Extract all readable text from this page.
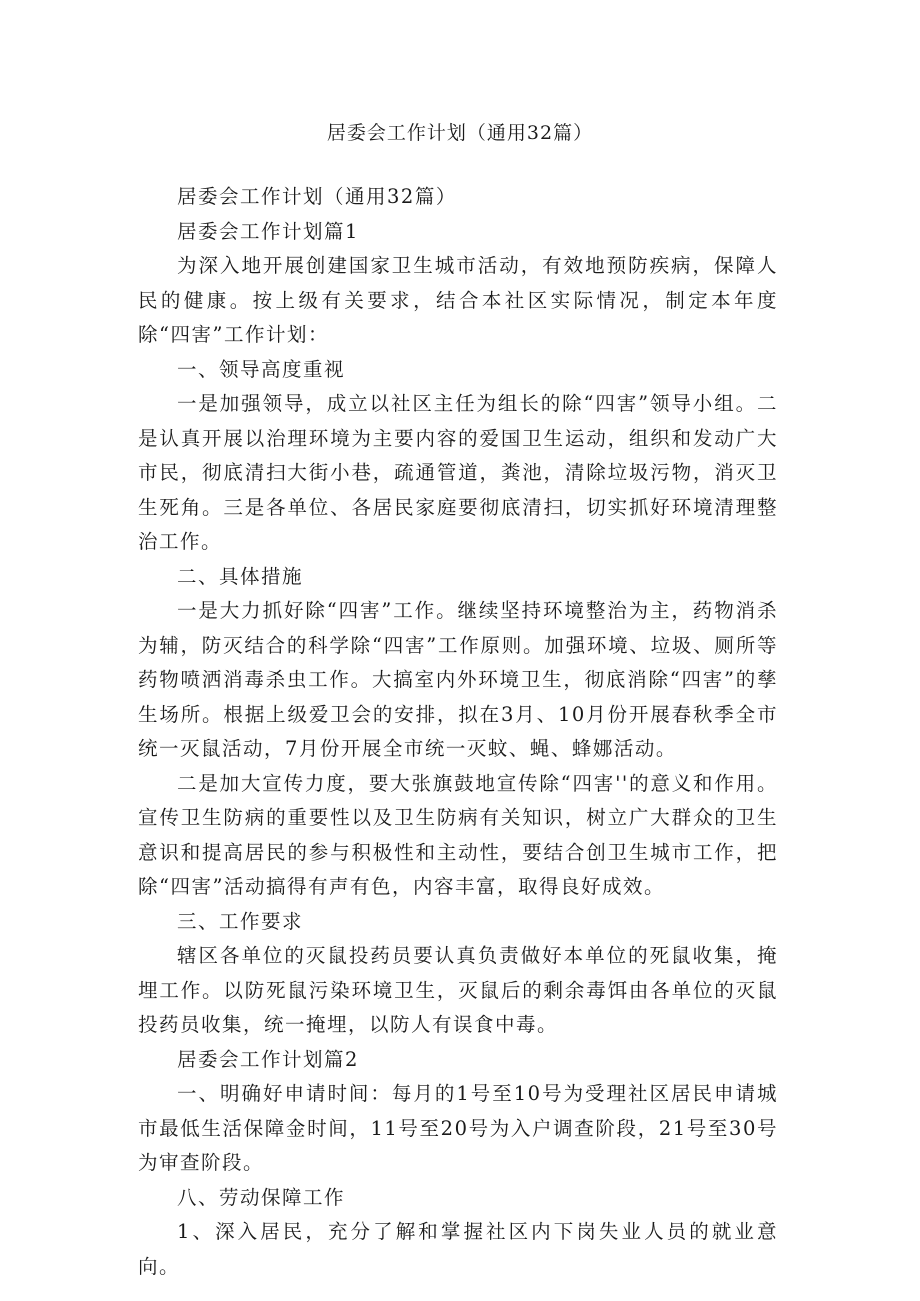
居委会工作计划（通用32篇）

居委会工作计划（通用32篇）

居委会工作计划篇1

为深入地开展创建国家卫生城市活动，有效地预防疾病，保障人民的健康。按上级有关要求，结合本社区实际情况，制定本年度除“四害”工作计划：

一、领导高度重视

一是加强领导，成立以社区主任为组长的除“四害”领导小组。二是认真开展以治理环境为主要内容的爱国卫生运动，组织和发动广大市民，彻底清扫大街小巷，疏通管道，粪池，清除垃圾污物，消灭卫生死角。三是各单位、各居民家庭要彻底清扫，切实抓好环境清理整治工作。

二、具体措施

一是大力抓好除“四害”工作。继续坚持环境整治为主，药物消杀为辅，防灭结合的科学除“四害”工作原则。加强环境、垃圾、厕所等药物喷洒消毒杀虫工作。大搞室内外环境卫生，彻底消除“四害”的孳生场所。根据上级爱卫会的安排，拟在3月、10月份开展春秋季全市统一灭鼠活动，7月份开展全市统一灭蚊、蝇、蜂娜活动。

二是加大宣传力度，要大张旗鼓地宣传除“四害''的意义和作用。宣传卫生防病的重要性以及卫生防病有关知识，树立广大群众的卫生意识和提高居民的参与积极性和主动性，要结合创卫生城市工作，把除“四害”活动搞得有声有色，内容丰富，取得良好成效。

三、工作要求

辖区各单位的灭鼠投药员要认真负责做好本单位的死鼠收集，掩埋工作。以防死鼠污染环境卫生，灭鼠后的剩余毒饵由各单位的灭鼠投药员收集，统一掩埋，以防人有误食中毒。

居委会工作计划篇2

一、明确好申请时间：每月的1号至10号为受理社区居民申请城市最低生活保障金时间，11号至20号为入户调查阶段，21号至30号为审查阶段。

八、劳动保障工作

1、深入居民，充分了解和掌握社区内下岗失业人员的就业意向。
